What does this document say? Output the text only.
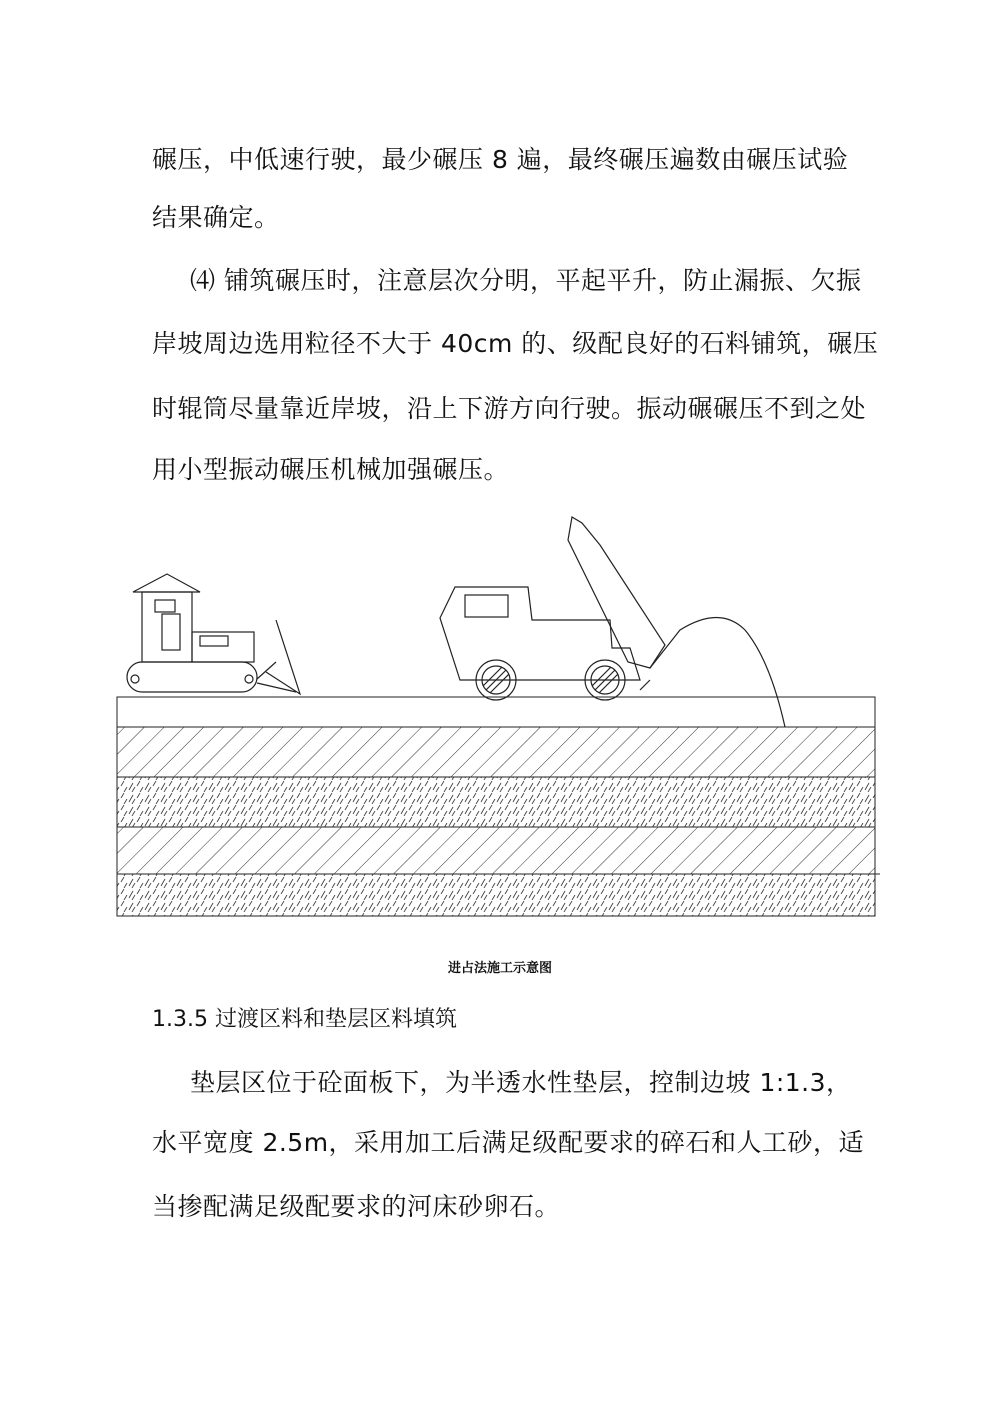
碾压，中低速行驶，最少碾压 8 遍，最终碾压遍数由碾压试验
结果确定。
⑷ 铺筑碾压时，注意层次分明，平起平升，防止漏振、欠振
岸坡周边选用粒径不大于 40cm 的、级配良好的石料铺筑，碾压
时辊筒尽量靠近岸坡，沿上下游方向行驶。振动碾碾压不到之处
用小型振动碾压机械加强碾压。
进占法施工示意图
1.3.5 过渡区料和垫层区料填筑
垫层区位于砼面板下，为半透水性垫层，控制边坡 1:1.3，
水平宽度 2.5m，采用加工后满足级配要求的碎石和人工砂，适
当掺配满足级配要求的河床砂卵石。
